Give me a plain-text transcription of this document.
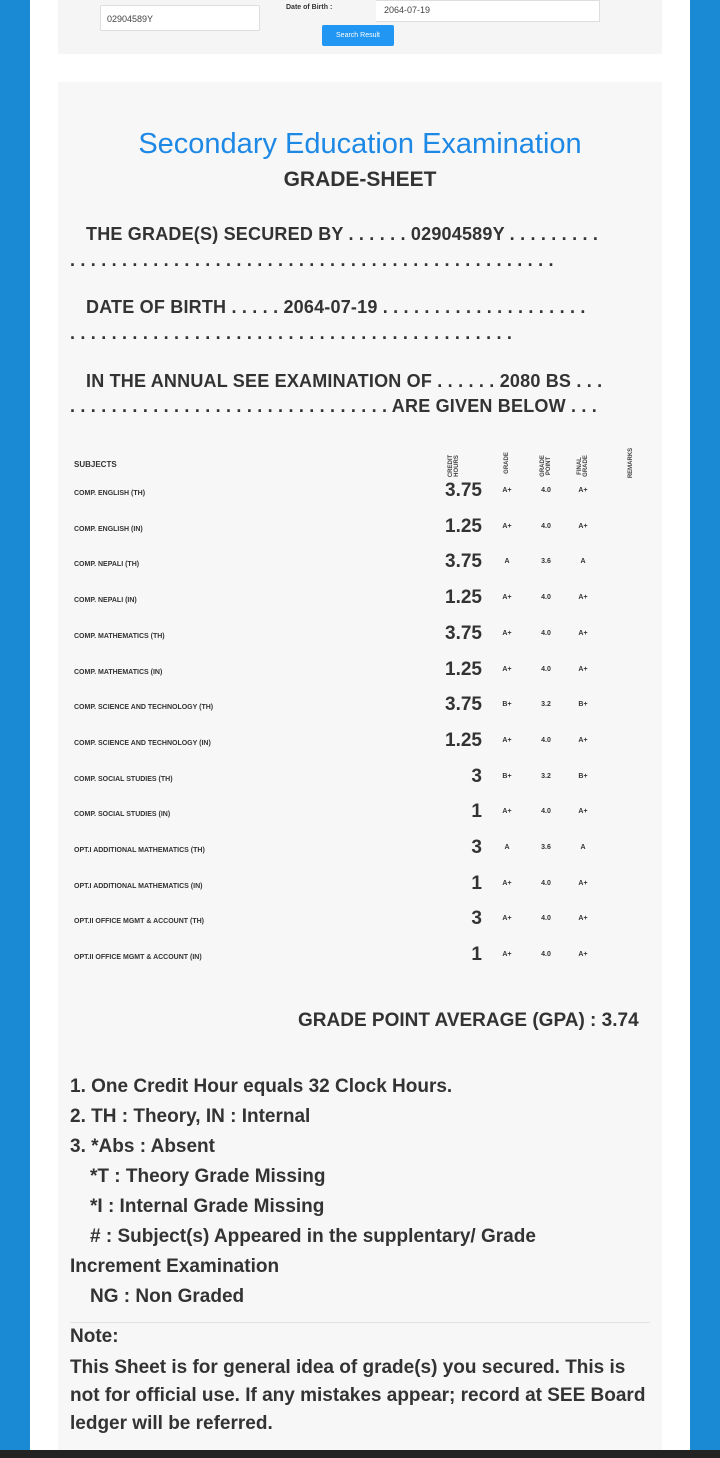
02904589Y
Date of Birth :	2064-07-19
Search Result
Secondary Education Examination
GRADE-SHEET
THE GRADE(S) SECURED BY . . . . . . 02904589Y . . . . . . . . .
. . . . . . . . . . . . . . . . . . . . . . . . . . . . . . . . . . . . . . . . . . . . . . .
DATE OF BIRTH . . . . . 2064-07-19 . . . . . . . . . . . . . . . . . . . .
. . . . . . . . . . . . . . . . . . . . . . . . . . . . . . . . . . . . . . . . . . .
IN THE ANNUAL SEE EXAMINATION OF . . . . . . 2080 BS . . .
. . . . . . . . . . . . . . . . . . . . . . . . . . . . . . . ARE GIVEN BELOW . . .
SUBJECTS	CREDIT HOURS	GRADE	GRADE POINT	FINAL GRADE	REMARKS
COMP. ENGLISH (TH)	3.75	A+	4.0	A+
COMP. ENGLISH (IN)	1.25	A+	4.0	A+
COMP. NEPALI (TH)	3.75	A	3.6	A
COMP. NEPALI (IN)	1.25	A+	4.0	A+
COMP. MATHEMATICS (TH)	3.75	A+	4.0	A+
COMP. MATHEMATICS (IN)	1.25	A+	4.0	A+
COMP. SCIENCE AND TECHNOLOGY (TH)	3.75	B+	3.2	B+
COMP. SCIENCE AND TECHNOLOGY (IN)	1.25	A+	4.0	A+
COMP. SOCIAL STUDIES (TH)	3	B+	3.2	B+
COMP. SOCIAL STUDIES (IN)	1	A+	4.0	A+
OPT.I ADDITIONAL MATHEMATICS (TH)	3	A	3.6	A
OPT.I ADDITIONAL MATHEMATICS (IN)	1	A+	4.0	A+
OPT.II OFFICE MGMT & ACCOUNT (TH)	3	A+	4.0	A+
OPT.II OFFICE MGMT & ACCOUNT (IN)	1	A+	4.0	A+
GRADE POINT AVERAGE (GPA) : 3.74
1. One Credit Hour equals 32 Clock Hours.
2. TH : Theory, IN : Internal
3. *Abs : Absent
*T : Theory Grade Missing
*I : Internal Grade Missing
# : Subject(s) Appeared in the supplentary/ Grade
Increment Examination
NG : Non Graded
Note:
This Sheet is for general idea of grade(s) you secured. This is not for official use. If any mistakes appear; record at SEE Board ledger will be referred.
